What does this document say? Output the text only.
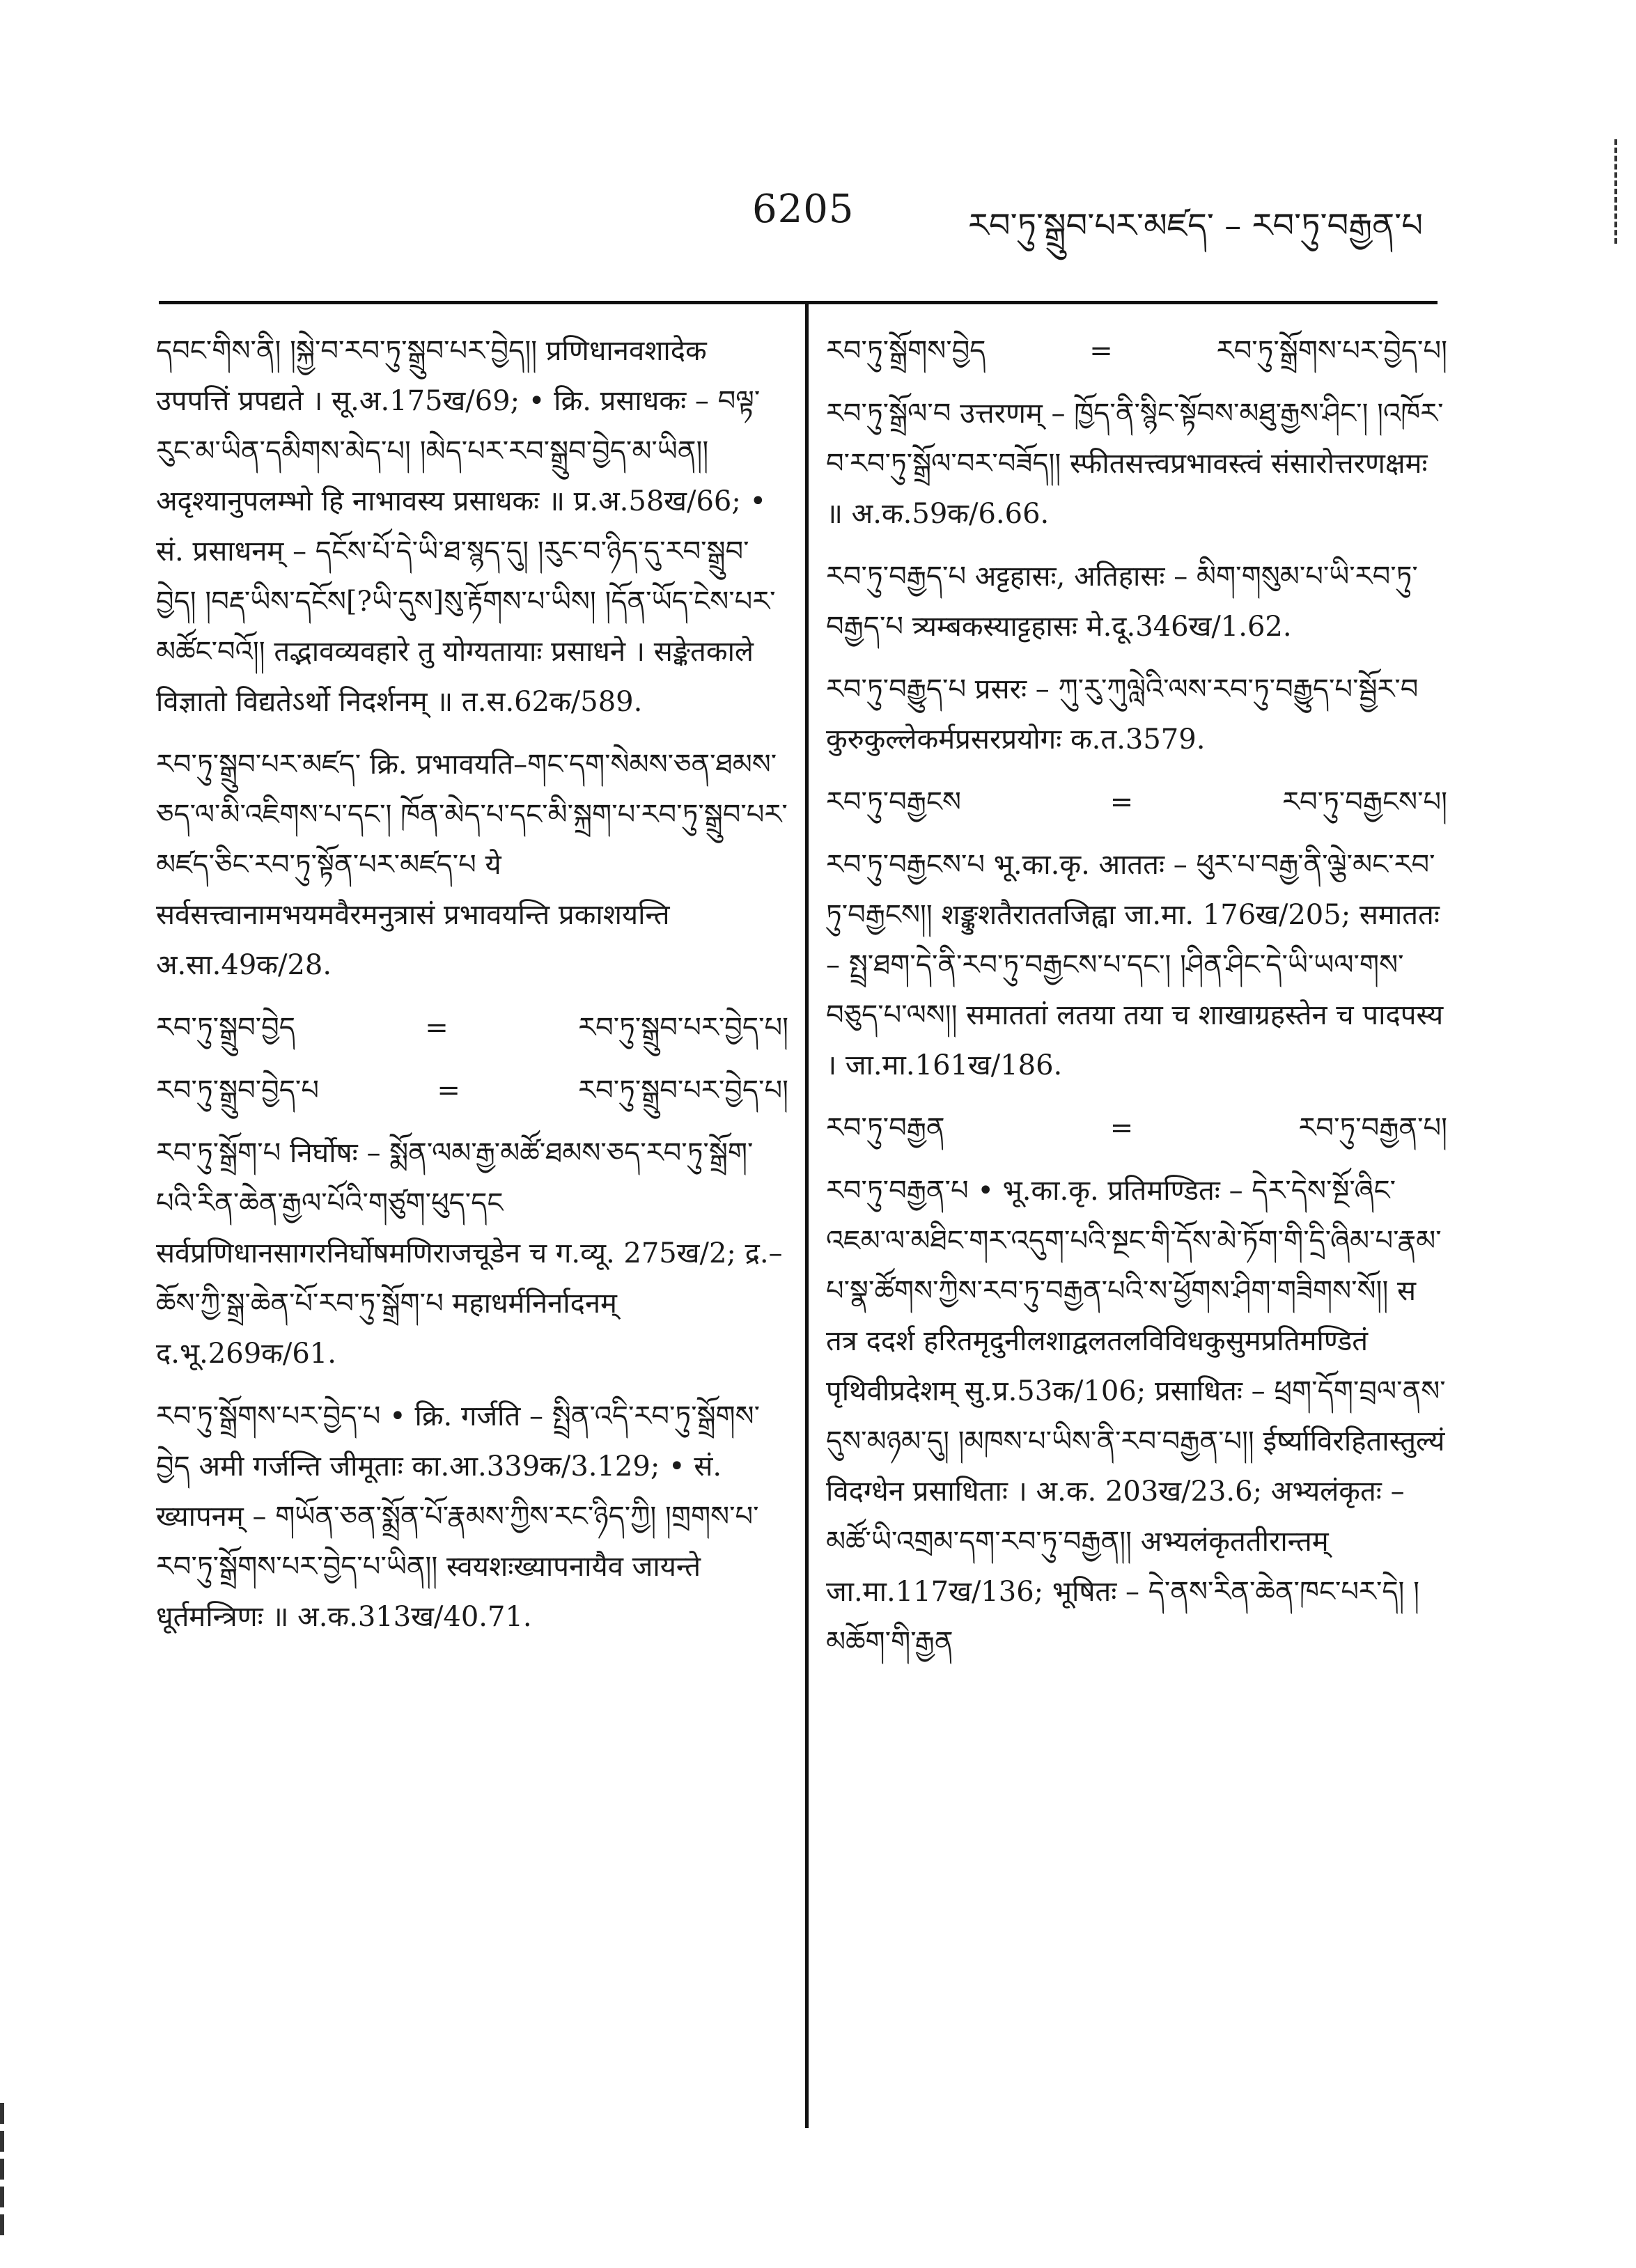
6205	རབ་ཏུ་སྒྲུབ་པར་མཛད་ – རབ་ཏུ་བརྒྱན་པ

དབང་གིས་ནི། །སྐྱེ་བ་རབ་ཏུ་སྒྲུབ་པར་བྱེད།། प्रणिधानवशादेक उपपत्तिं प्रपद्यते । सू.अ.175ख/69; • क्रि. प्रसाधकः – བལྟ་རུང་མ་ཡིན་དམིགས་མེད་པ། །མེད་པར་རབ་སྒྲུབ་བྱེད་མ་ཡིན།། अदृश्यानुपलम्भो हि नाभावस्य प्रसाधकः ॥ प्र.अ.58ख/66; • सं. प्रसाधनम् – དངོས་པོ་དེ་ཡི་ཐ་སྙད་དུ། །རུང་བ་ཉིད་དུ་རབ་སྒྲུབ་བྱེད། །བརྡ་ཡིས་དངོས[?ཡི་དུས]སུ་རྟོགས་པ་ཡིས། །དོན་ཡོད་ངེས་པར་མཚོང་བའོ།། तद्भावव्यवहारे तु योग्यतायाः प्रसाधने । सङ्केतकाले विज्ञातो विद्यतेऽर्थो निदर्शनम् ॥ त.स.62क/589.

རབ་ཏུ་སྒྲུབ་པར་མཛད་ क्रि. प्रभावयति–གང་དག་སེམས་ཅན་ཐམས་ཅད་ལ་མི་འཇིགས་པ་དང་། ཁོན་མེད་པ་དང་མི་སྐྲག་པ་རབ་ཏུ་སྒྲུབ་པར་མཛད་ཅིང་རབ་ཏུ་སྟོན་པར་མཛད་པ ये सर्वसत्त्वानामभयमवैरमनुत्रासं प्रभावयन्ति प्रकाशयन्ति अ.सा.49क/28.

རབ་ཏུ་སྒྲུབ་བྱེད	=	རབ་ཏུ་སྒྲུབ་པར་བྱེད་པ།
རབ་ཏུ་སྒྲུབ་བྱེད་པ	=	རབ་ཏུ་སྒྲུབ་པར་བྱེད་པ།

རབ་ཏུ་སྒྲོག་པ निर्घोषः – སྨོན་ལམ་རྒྱ་མཚོ་ཐམས་ཅད་རབ་ཏུ་སྒྲོག་པའི་རིན་ཆེན་རྒྱལ་པོའི་གཙུག་ཕུད་དང सर्वप्रणिधानसागरनिर्घोषमणिराजचूडेन च ग.व्यू. 275ख/2; द्र.– ཆོས་ཀྱི་སྒྲ་ཆེན་པོ་རབ་ཏུ་སྒྲོག་པ महाधर्मनिर्नादनम् द.भू.269क/61.

རབ་ཏུ་སྒྲོགས་པར་བྱེད་པ • क्रि. गर्जति – སྤྲིན་འདི་རབ་ཏུ་སྒྲོགས་བྱེད अमी गर्जन्ति जीमूताः का.आ.339क/3.129; • सं. ख्यापनम् – གཡོན་ཅན་སྨྲོན་པོ་རྣམས་ཀྱིས་རང་ཉིད་ཀྱི། །གྲགས་པ་རབ་ཏུ་སྒྲོགས་པར་བྱེད་པ་ཡིན།། स्वयशःख्यापनायैव जायन्ते धूर्तमन्त्रिणः ॥ अ.क.313ख/40.71.

རབ་ཏུ་སྒྲོགས་བྱེད	=	རབ་ཏུ་སྒྲོགས་པར་བྱེད་པ།

རབ་ཏུ་སྒྲོལ་བ उत्तरणम् – ཁྱོད་ནི་སྙིང་སྟོབས་མཐུ་རྒྱས་ཤིང་། །འཁོར་བ་རབ་ཏུ་སྒྲོལ་བར་བཟོད།། स्फीतसत्त्वप्रभावस्त्वं संसारोत्तरणक्षमः ॥ अ.क.59क/6.66.

རབ་ཏུ་བརྒྱད་པ अट्टहासः, अतिहासः – མིག་གསུམ་པ་ཡི་རབ་ཏུ་བརྒྱད་པ त्र्यम्बकस्याट्टहासः मे.दू.346ख/1.62.

རབ་ཏུ་བརྒྱུད་པ प्रसरः – ཀུ་རུ་ཀུལླེའི་ལས་རབ་ཏུ་བརྒྱུད་པ་སྦྱོར་བ कुरुकुल्लेकर्मप्रसरप्रयोगः क.त.3579.

རབ་ཏུ་བརྒྱངས	=	རབ་ཏུ་བརྒྱངས་པ།

རབ་ཏུ་བརྒྱངས་པ भू.का.कृ. आततः – ཕུར་པ་བརྒྱ་ནི་ལྕེ་མང་རབ་ཏུ་བརྒྱངས།། शङ्कुशतैराततजिह्वा जा.मा. 176ख/205; समाततः – སྤྲ་ཐག་དེ་ནི་རབ་ཏུ་བརྒྱངས་པ་དང་། །ཤིན་ཤིང་དེ་ཡི་ཡལ་གས་བཅུད་པ་ལས།། समाततां लतया तया च शाखाग्रहस्तेन च पादपस्य । जा.मा.161ख/186.

རབ་ཏུ་བརྒྱན	=	རབ་ཏུ་བརྒྱན་པ།

རབ་ཏུ་བརྒྱན་པ • भू.का.कृ. प्रतिमण्डितः – དེར་དེས་སྔོ་ཞིང་འཇམ་ལ་མཐིང་གར་འདུག་པའི་སྔང་གི་དོས་མེ་ཏོག་གི་དྲི་ཞིམ་པ་རྣམ་པ་སྣ་ཚོགས་ཀྱིས་རབ་ཏུ་བརྒྱན་པའི་ས་ཕྱོགས་ཤིག་གཟིགས་སོ།། स तत्र ददर्श हरितमृदुनीलशाद्वलतलविविधकुसुमप्रतिमण्डितं पृथिवीप्रदेशम् सु.प्र.53क/106; प्रसाधितः – ཕྲག་དོག་བྲལ་ནས་དུས་མཉམ་དུ། །མཁས་པ་ཡིས་ནི་རབ་བརྒྱན་པ།། ईर्ष्याविरहितास्तुल्यं विदग्धेन प्रसाधिताः । अ.क. 203ख/23.6; अभ्यलंकृतः – མཚོ་ཡི་འགྲམ་དག་རབ་ཏུ་བརྒྱན།། अभ्यलंकृततीरान्तम् जा.मा.117ख/136; भूषितः – དེ་ནས་རིན་ཆེན་ཁང་པར་དེ། །མཆོག་གི་རྒྱན
